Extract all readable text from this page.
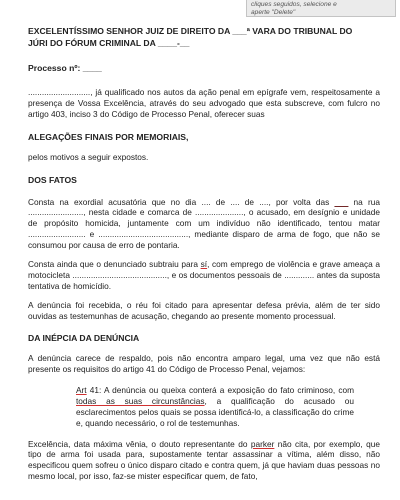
cliques seguidos, selecione e
aperte "Delete"
EXCELENTÍSSIMO SENHOR JUIZ DE DIREITO DA ___ª VARA DO TRIBUNAL DO
JÚRI DO FÓRUM CRIMINAL DA ____-__
Processo nº: ____

..........................., já qualificado nos autos da ação penal em epígrafe vem, respeitosamente a presença de Vossa Excelência, através do seu advogado que esta subscreve, com fulcro no artigo 403, inciso 3 do Código de Processo Penal, oferecer suas

ALEGAÇÕES FINAIS POR MEMORIAIS,

pelos motivos a seguir expostos.

DOS FATOS

Consta na exordial acusatória que no dia .... de .... de ...., por volta das ___ na rua ........................, nesta cidade e comarca de ....................., o acusado, em desígnio e unidade de propósito homicida, juntamente com um indivíduo não identificado, tentou matar ......................... e ......................................., mediante disparo de arma de fogo, que não se consumou por causa de erro de pontaria.

Consta ainda que o denunciado subtraiu para sí, com emprego de violência e grave ameaça a motocicleta ........................................., e os documentos pessoais de ............. antes da suposta tentativa de homicídio.

A denúncia foi recebida, o réu foi citado para apresentar defesa prévia, além de ter sido ouvidas as testemunhas de acusação, chegando ao presente momento processual.

DA INÉPCIA DA DENÚNCIA

A denúncia carece de respaldo, pois não encontra amparo legal, uma vez que não está presente os requisitos do artigo 41 do Código de Processo Penal, vejamos:

Art 41: A denúncia ou queixa conterá a exposição do fato criminoso, com todas as suas circunstâncias, a qualificação do acusado ou esclarecimentos pelos quais se possa identificá-lo, a classificação do crime e, quando necessário, o rol de testemunhas.

Excelência, data máxima vênia, o douto representante do parker não cita, por exemplo, que tipo de arma foi usada para, supostamente tentar assassinar a vítima, além disso, não especificou quem sofreu o único disparo citado e contra quem, já que haviam duas pessoas no mesmo local, por isso, faz-se mister especificar quem, de fato,
